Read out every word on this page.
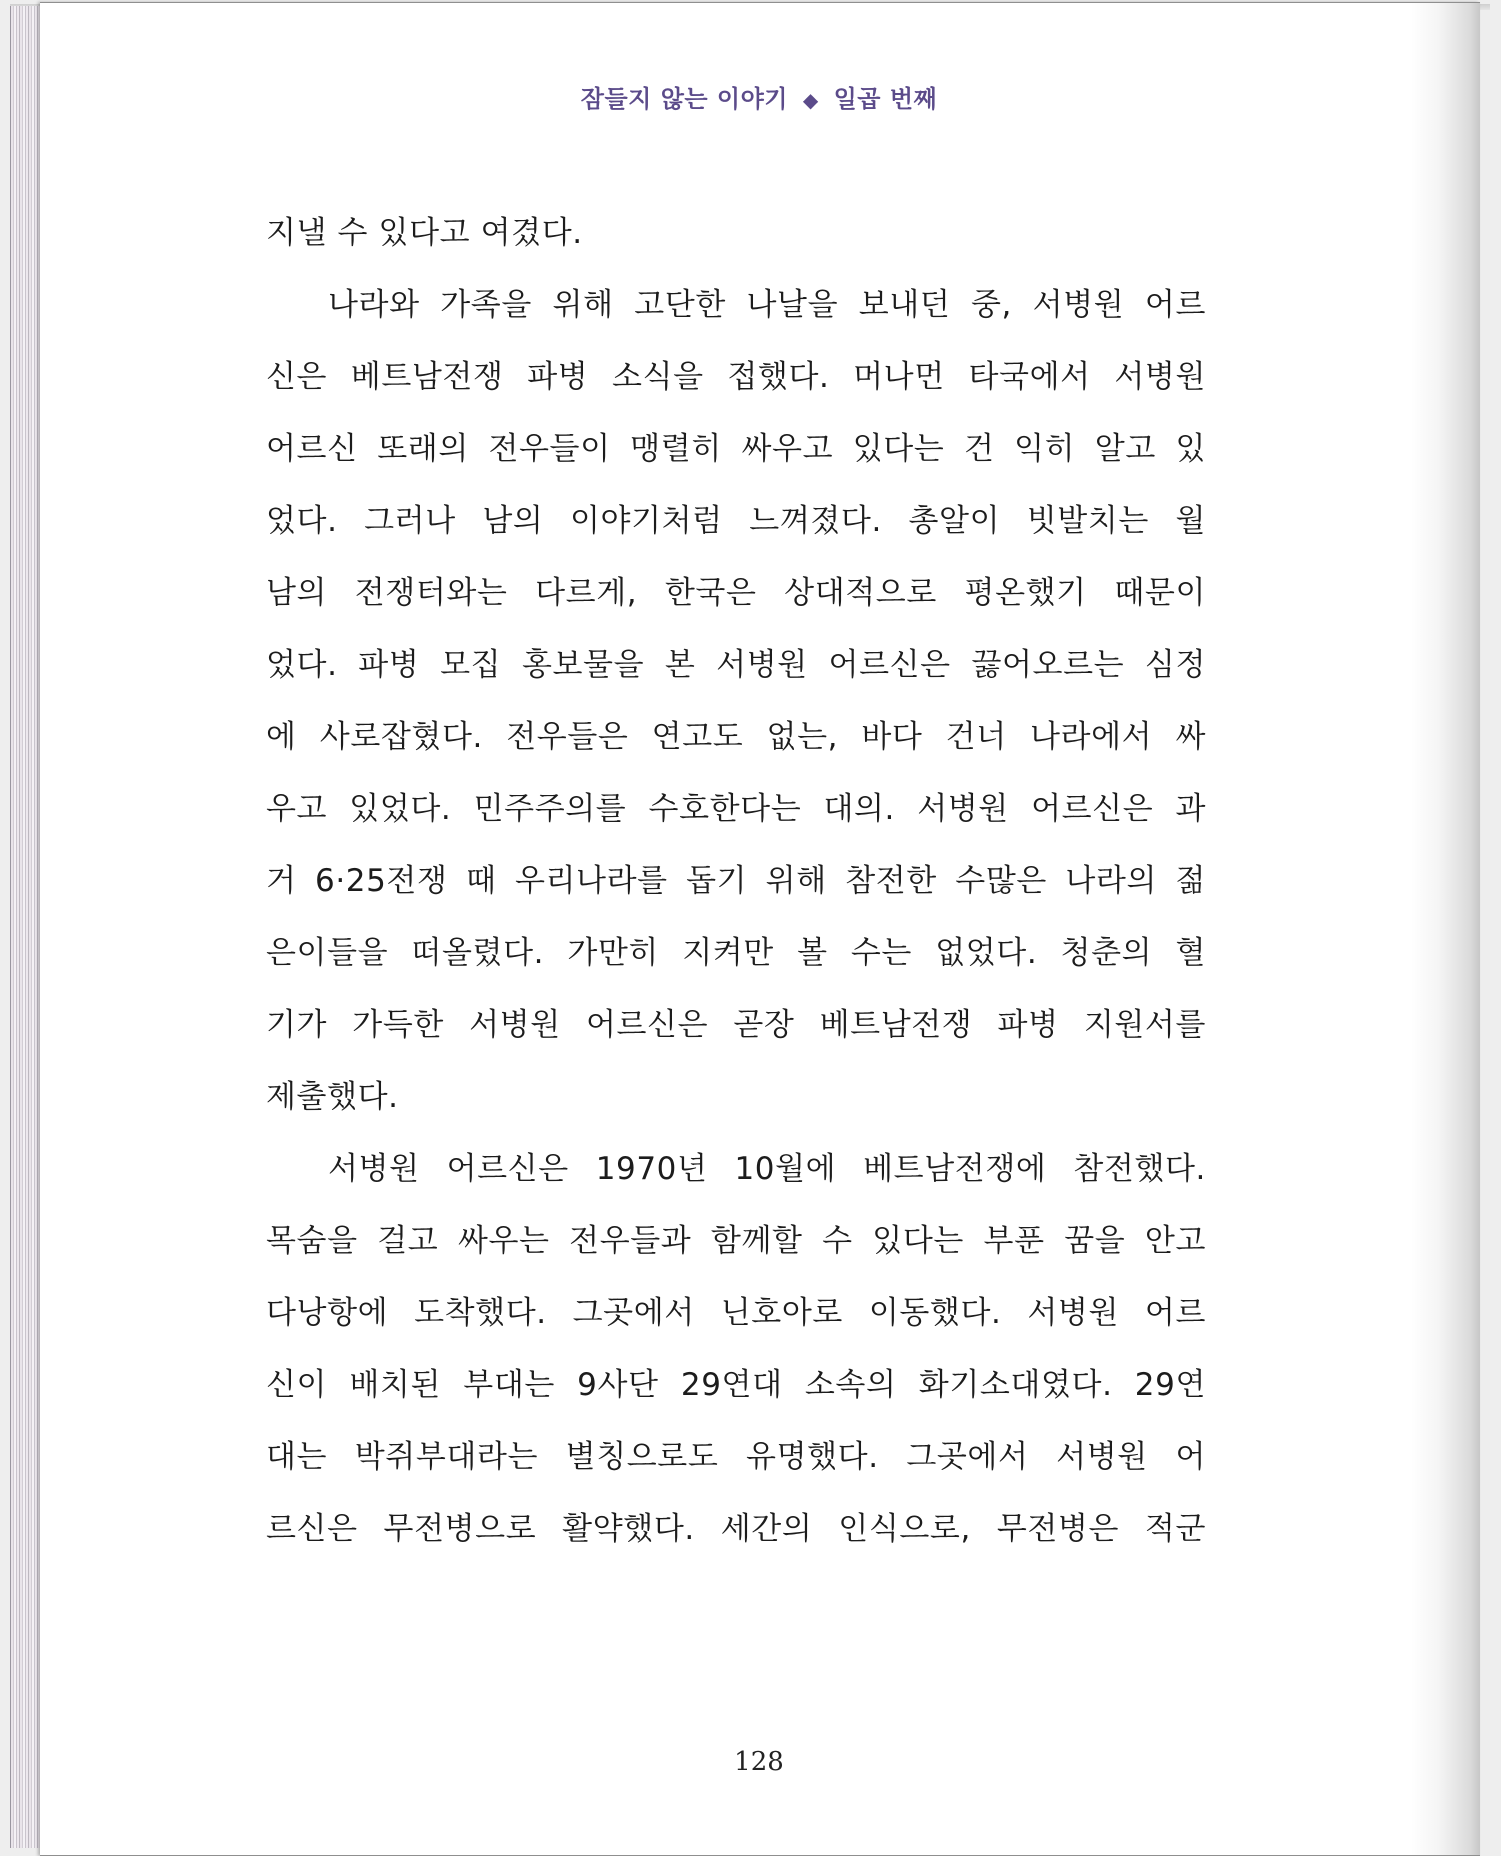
잠들지 않는 이야기 ◆ 일곱 번째
지낼 수 있다고 여겼다.
나라와 가족을 위해 고단한 나날을 보내던 중, 서병원 어르
신은 베트남전쟁 파병 소식을 접했다. 머나먼 타국에서 서병원
어르신 또래의 전우들이 맹렬히 싸우고 있다는 건 익히 알고 있
었다. 그러나 남의 이야기처럼 느껴졌다. 총알이 빗발치는 월
남의 전쟁터와는 다르게, 한국은 상대적으로 평온했기 때문이
었다. 파병 모집 홍보물을 본 서병원 어르신은 끓어오르는 심정
에 사로잡혔다. 전우들은 연고도 없는, 바다 건너 나라에서 싸
우고 있었다. 민주주의를 수호한다는 대의. 서병원 어르신은 과
거 6·25전쟁 때 우리나라를 돕기 위해 참전한 수많은 나라의 젊
은이들을 떠올렸다. 가만히 지켜만 볼 수는 없었다. 청춘의 혈
기가 가득한 서병원 어르신은 곧장 베트남전쟁 파병 지원서를
제출했다.
서병원 어르신은 1970년 10월에 베트남전쟁에 참전했다.
목숨을 걸고 싸우는 전우들과 함께할 수 있다는 부푼 꿈을 안고
다낭항에 도착했다. 그곳에서 닌호아로 이동했다. 서병원 어르
신이 배치된 부대는 9사단 29연대 소속의 화기소대였다. 29연
대는 박쥐부대라는 별칭으로도 유명했다. 그곳에서 서병원 어
르신은 무전병으로 활약했다. 세간의 인식으로, 무전병은 적군
128
